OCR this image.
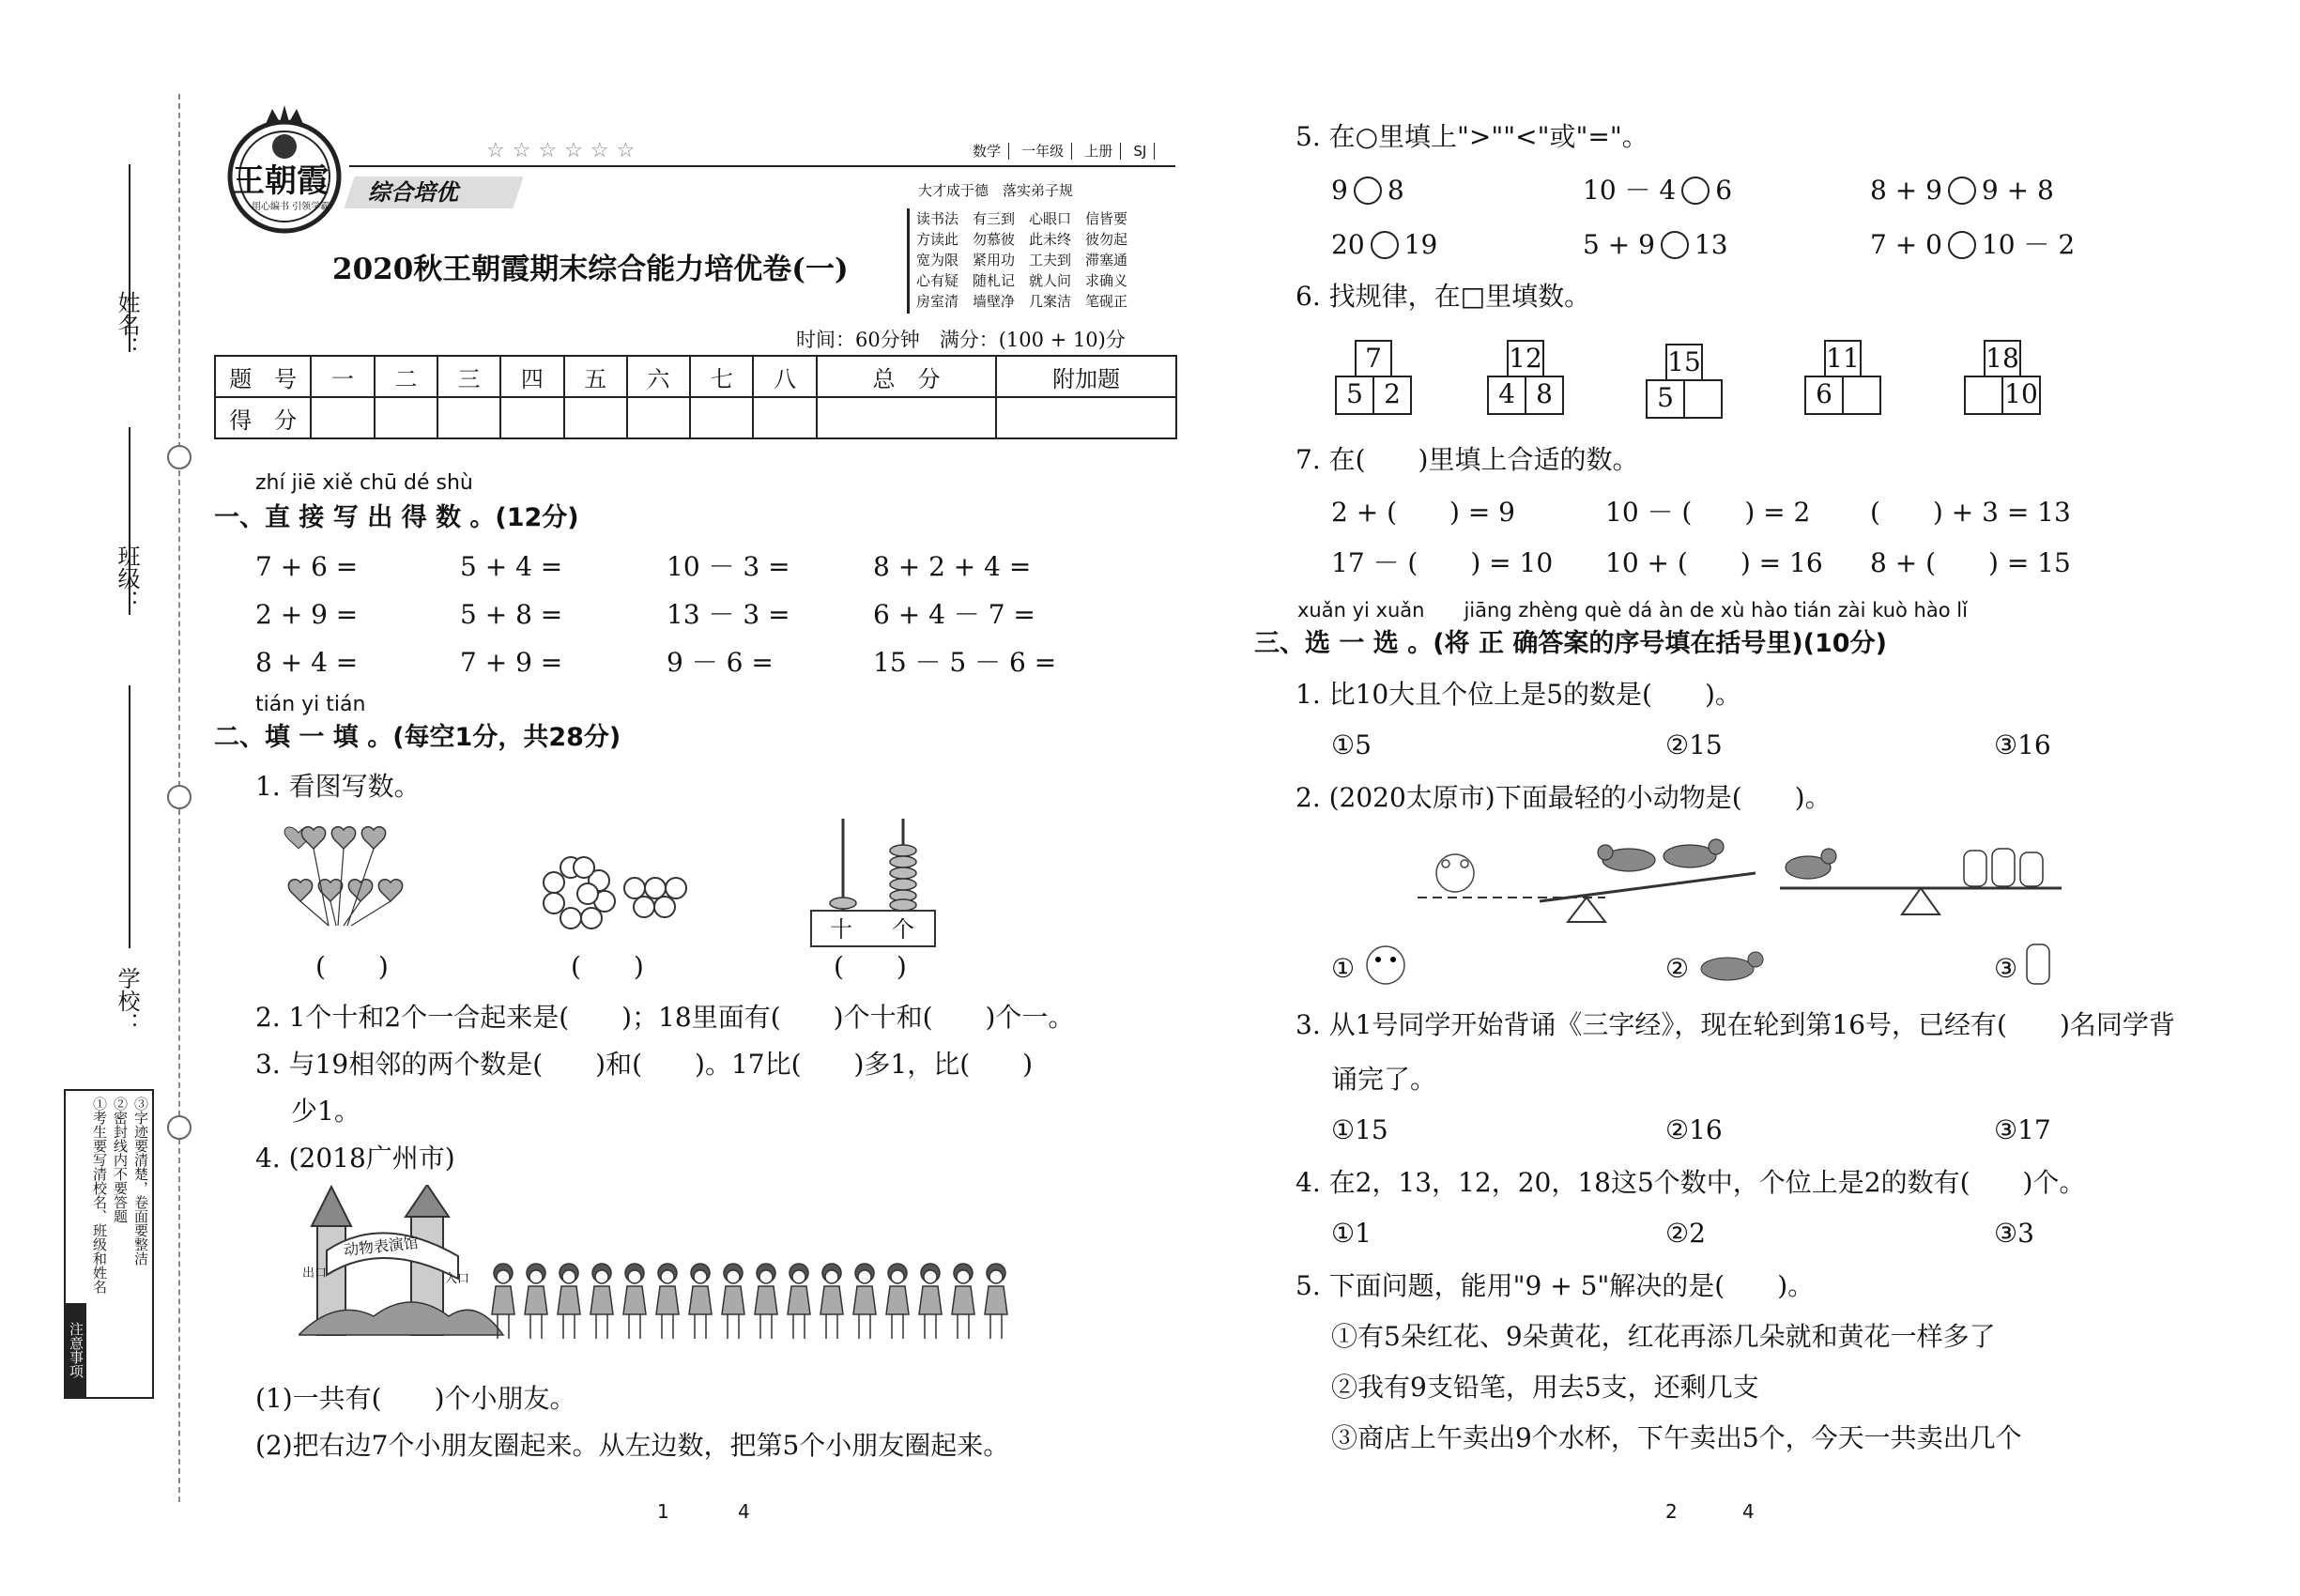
姓名：
班级：
学校：
注意事项
①考生要写清校名、班级和姓名 ②密封线内不要答题 ③字迹要清楚，卷面要整洁
王朝霞
用心编书 引领学霸
☆☆☆☆☆☆
综合培优
数学 一年级 上册 SJ
大才成于德　落实弟子规
读书法　有三到　心眼口　信皆要
方读此　勿慕彼　此未终　彼勿起
宽为限　紧用功　工夫到　滞塞通
心有疑　随札记　就人问　求确义
房室清　墙壁净　几案洁　笔砚正
2020秋王朝霞期末综合能力培优卷(一)
时间：60分钟　满分：(100 + 10)分
题　号	一	二	三	四	五	六	七	八	总　分	附加题
得　分										
zhí jiē xiě chū dé shù
一、直 接 写 出 得 数 。(12分)
7 + 6 =	5 + 4 =	10 － 3 =	8 + 2 + 4 =
2 + 9 =	5 + 8 =	13 － 3 =	6 + 4 － 7 =
8 + 4 =	7 + 9 =	9 － 6 =	15 － 5 － 6 =
tián yi tián
二、填 一 填 。(每空1分，共28分)
1. 看图写数。
(　　)	(　　)
十 个
(　　)
2. 1个十和2个一合起来是(　　)；18里面有(　　)个十和(　　)个一。
3. 与19相邻的两个数是(　　)和(　　)。17比(　　)多1，比(　　)
少1。
4. (2018广州市)
动物表演馆
出口	入口
(1)一共有(　　)个小朋友。
(2)把右边7个小朋友圈起来。从左边数，把第5个小朋友圈起来。
1	4
5. 在○里填上">""<"或"="。
9 8	10 － 4 6	8 + 9 9 + 8
20 19	5 + 9 13	7 + 0 10 － 2
6. 找规律，在□里填数。
7
5 2
12
4 8
15
5
11
6
18
10
7. 在(　　)里填上合适的数。
2 + (　　) = 9	10 － (　　) = 2 (　　) + 3 = 13
17 － (　　) = 10 10 + (　　) = 16 8 + (　　) = 15
xuǎn yi xuǎn　　jiāng zhèng què dá àn de xù hào tián zài kuò hào lǐ
三、选 一 选 。(将 正 确答案的序号填在括号里)(10分)
1. 比10大且个位上是5的数是(　　)。
①5	②15	③16
2. (2020太原市)下面最轻的小动物是(　　)。
①	②	③
3. 从1号同学开始背诵《三字经》，现在轮到第16号，已经有(　　)名同学背
诵完了。
①15	②16	③17
4. 在2，13，12，20，18这5个数中，个位上是2的数有(　　)个。
①1	②2	③3
5. 下面问题，能用"9 + 5"解决的是(　　)。
①有5朵红花、9朵黄花，红花再添几朵就和黄花一样多了
②我有9支铅笔，用去5支，还剩几支
③商店上午卖出9个水杯，下午卖出5个，今天一共卖出几个
2	4
